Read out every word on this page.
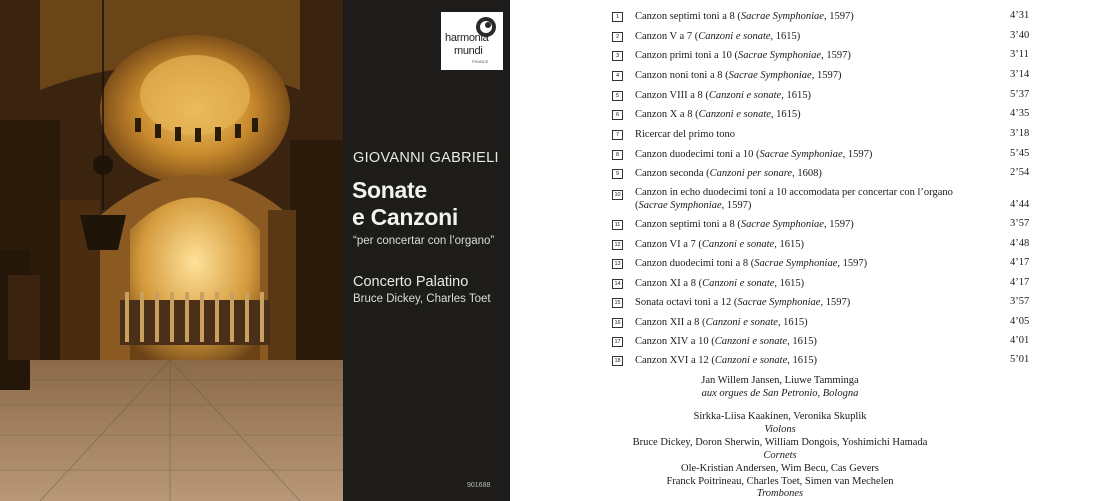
harmonia
mundi
FRANCE
GIOVANNI GABRIELI
Sonate
e Canzoni
“per concertar con l’organo”
Concerto Palatino
Bruce Dickey, Charles Toet
901688
1	Canzon septimi toni a 8 (Sacrae Symphoniae, 1597)	4’31
2	Canzon V a 7 (Canzoni e sonate, 1615)	3’40
3	Canzon primi toni a 10 (Sacrae Symphoniae, 1597)	3’11
4	Canzon noni toni a 8 (Sacrae Symphoniae, 1597)	3’14
5	Canzon VIII a 8 (Canzoni e sonate, 1615)	5’37
6	Canzon X a 8 (Canzoni e sonate, 1615)	4’35
7	Ricercar del primo tono	3’18
8	Canzon duodecimi toni a 10 (Sacrae Symphoniae, 1597)	5’45
9	Canzon seconda (Canzoni per sonare, 1608)	2’54
10 Canzon in echo duodecimi toni a 10 accomodata per concertar con l’organo
(Sacrae Symphoniae, 1597)	4’44
11 Canzon septimi toni a 8 (Sacrae Symphoniae, 1597)	3’57
12 Canzon VI a 7 (Canzoni e sonate, 1615)	4’48
13 Canzon duodecimi toni a 8 (Sacrae Symphoniae, 1597)	4’17
14 Canzon XI a 8 (Canzoni e sonate, 1615)	4’17
15 Sonata octavi toni a 12 (Sacrae Symphoniae, 1597)	3’57
16 Canzon XII a 8 (Canzoni e sonate, 1615)	4’05
17 Canzon XIV a 10 (Canzoni e sonate, 1615)	4’01
18 Canzon XVI a 12 (Canzoni e sonate, 1615)	5’01
Jan Willem Jansen, Liuwe Tamminga
aux orgues de San Petronio, Bologna
Sirkka-Liisa Kaakinen, Veronika Skuplik
Violons
Bruce Dickey, Doron Sherwin, William Dongois, Yoshimichi Hamada
Cornets
Ole-Kristian Andersen, Wim Becu, Cas Gevers
Franck Poitrineau, Charles Toet, Simen van Mechelen
Trombones
